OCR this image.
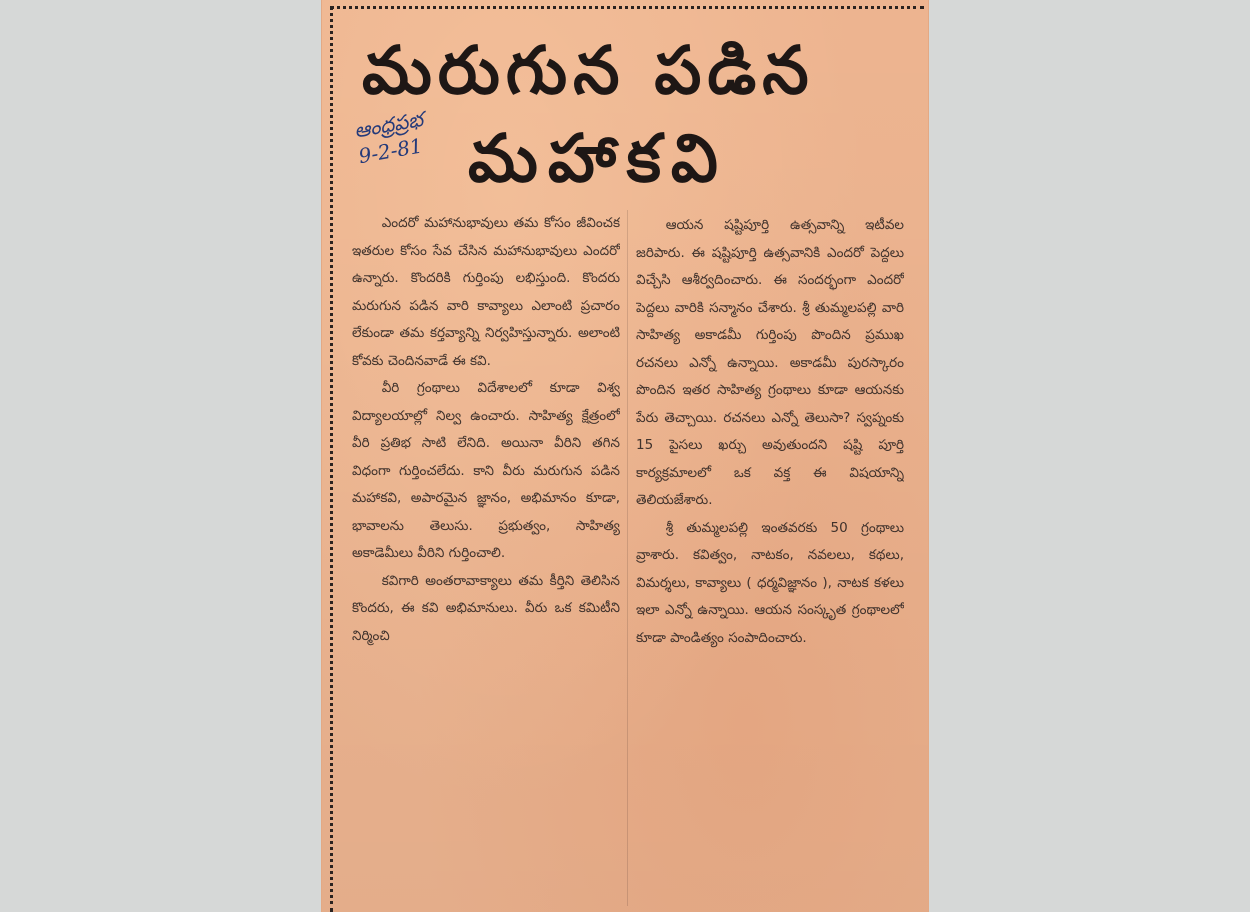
మరుగున పడిన
ఆంధ్రప్రభ
9-2-81 మహాకవి

ఎందరో మహానుభావులు తమ కోసం జీవించక ఇతరుల కోసం సేవ చేసిన మహానుభావులు ఎందరో ఉన్నారు. కొందరికి గుర్తింపు లభిస్తుంది. కొందరు మరుగున పడిన వారి కావ్యాలు ఎలాంటి ప్రచారం లేకుండా తమ కర్తవ్యాన్ని నిర్వహిస్తున్నారు. అలాంటి కోవకు చెందినవాడే ఈ కవి.

వీరి గ్రంథాలు విదేశాలలో కూడా విశ్వ విద్యాలయాల్లో నిల్వ ఉంచారు. సాహిత్య క్షేత్రంలో వీరి ప్రతిభ సాటి లేనిది. అయినా వీరిని తగిన విధంగా గుర్తించలేదు. కాని వీరు మరుగున పడిన మహాకవి, అపారమైన జ్ఞానం, అభిమానం కూడా, భావాలను తెలుసు. ప్రభుత్వం, సాహిత్య అకాడెమీలు వీరిని గుర్తించాలి.

కవిగారి అంతరావాక్యాలు తమ కీర్తిని తెలిసిన కొందరు, ఈ కవి అభిమానులు. వీరు ఒక కమిటీని నిర్మించి

ఆయన షష్టిపూర్తి ఉత్సవాన్ని ఇటీవల జరిపారు. ఈ షష్టిపూర్తి ఉత్సవానికి ఎందరో పెద్దలు విచ్చేసి ఆశీర్వదించారు. ఈ సందర్భంగా ఎందరో పెద్దలు వారికి సన్మానం చేశారు. శ్రీ తుమ్మలపల్లి వారి సాహిత్య అకాడమీ గుర్తింపు పొందిన ప్రముఖ రచనలు ఎన్నో ఉన్నాయి. అకాడమీ పురస్కారం పొందిన ఇతర సాహిత్య గ్రంథాలు కూడా ఆయనకు పేరు తెచ్చాయి. రచనలు ఎన్నో తెలుసా? స్వప్నంకు 15 పైసలు ఖర్చు అవుతుందని షష్టి పూర్తి కార్యక్రమాలలో ఒక వక్త ఈ విషయాన్ని తెలియజేశారు.

శ్రీ తుమ్మలపల్లి ఇంతవరకు 50 గ్రంథాలు వ్రాశారు. కవిత్వం, నాటకం, నవలలు, కథలు, విమర్శలు, కావ్యాలు ( ధర్మవిజ్ఞానం ), నాటక కళలు ఇలా ఎన్నో ఉన్నాయి. ఆయన సంస్కృత గ్రంథాలలో కూడా పాండిత్యం సంపాదించారు.
